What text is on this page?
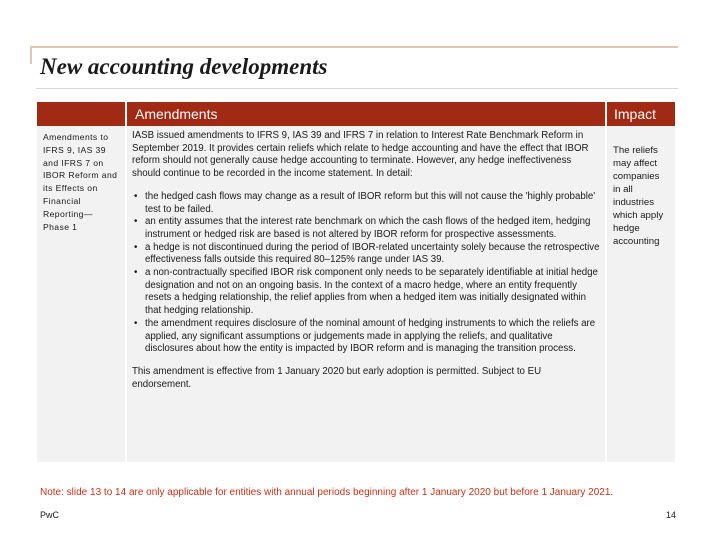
New accounting developments
Amendments	Impact
Amendments to IFRS 9, IAS 39 and IFRS 7 on IBOR Reform and its Effects on Financial Reporting— Phase 1

IASB issued amendments to IFRS 9, IAS 39 and IFRS 7 in relation to Interest Rate Benchmark Reform in September 2019. It provides certain reliefs which relate to hedge accounting and have the effect that IBOR reform should not generally cause hedge accounting to terminate. However, any hedge ineffectiveness should continue to be recorded in the income statement. In detail:

• the hedged cash flows may change as a result of IBOR reform but this will not cause the 'highly probable' test to be failed.
• an entity assumes that the interest rate benchmark on which the cash flows of the hedged item, hedging instrument or hedged risk are based is not altered by IBOR reform for prospective assessments.
• a hedge is not discontinued during the period of IBOR-related uncertainty solely because the retrospective effectiveness falls outside this required 80–125% range under IAS 39.
• a non-contractually specified IBOR risk component only needs to be separately identifiable at initial hedge designation and not on an ongoing basis. In the context of a macro hedge, where an entity frequently resets a hedging relationship, the relief applies from when a hedged item was initially designated within that hedging relationship.
• the amendment requires disclosure of the nominal amount of hedging instruments to which the reliefs are applied, any significant assumptions or judgements made in applying the reliefs, and qualitative disclosures about how the entity is impacted by IBOR reform and is managing the transition process.

This amendment is effective from 1 January 2020 but early adoption is permitted. Subject to EU endorsement.

The reliefs may affect companies in all industries which apply hedge accounting
Note: slide 13 to 14 are only applicable for entities with annual periods beginning after 1 January 2020 but before 1 January 2021.
PwC	14
